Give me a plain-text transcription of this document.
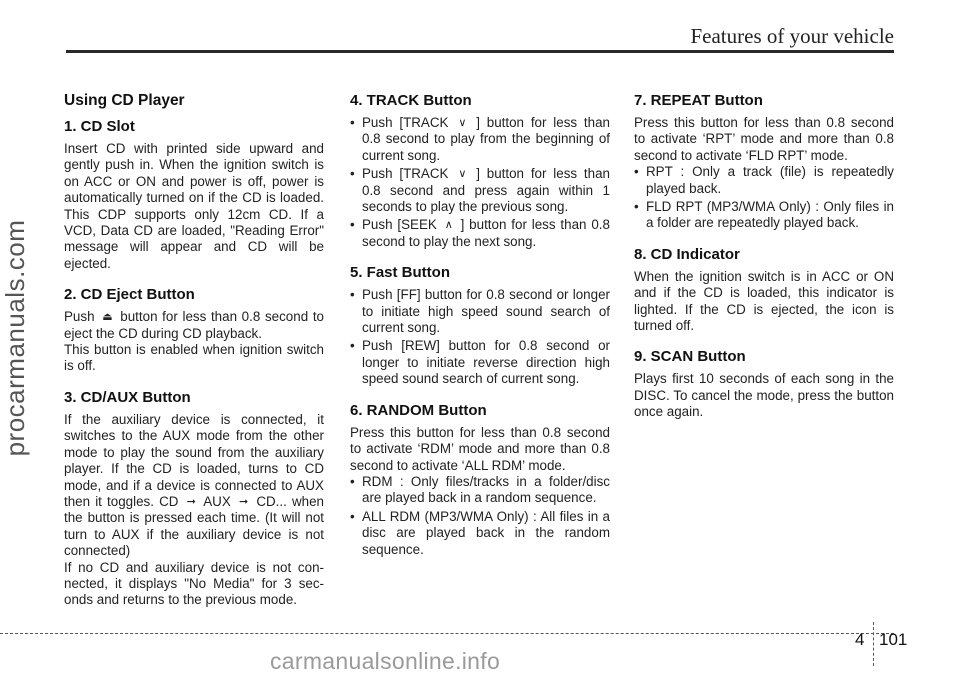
Features of your vehicle
procarmanuals.com
Using CD Player
1. CD Slot

Insert CD with printed side upward and gently push in. When the ignition switch is on ACC or ON and power is off, power is automatically turned on if the CD is loaded. This CDP supports only 12cm CD. If a VCD, Data CD are loaded, "Reading Error" message will appear and CD will be ejected.

2. CD Eject Button

Push ⏏ button for less than 0.8 second to eject the CD during CD playback.

This button is enabled when ignition switch is off.

3. CD/AUX Button

If the auxiliary device is connected, it switches to the AUX mode from the other mode to play the sound from the auxiliary player. If the CD is loaded, turns to CD mode, and if a device is connected to AUX then it toggles. CD ➞ AUX ➞ CD... when the button is pressed each time. (It will not turn to AUX if the auxiliary device is not connected)

If no CD and auxiliary device is not con- nected, it displays "No Media" for 3 sec- onds and returns to the previous mode.

4. TRACK Button
• Push [TRACK ∨ ] button for less than 0.8 second to play from the beginning of current song.
• Push [TRACK ∨ ] button for less than 0.8 second and press again within 1 seconds to play the previous song.
• Push [SEEK ∧ ] button for less than 0.8 second to play the next song.
5. Fast Button
• Push [FF] button for 0.8 second or longer to initiate high speed sound search of current song.
• Push [REW] button for 0.8 second or longer to initiate reverse direction high speed sound search of current song.
6. RANDOM Button

Press this button for less than 0.8 second to activate ‘RDM’ mode and more than 0.8 second to activate ‘ALL RDM’ mode.

• RDM : Only files/tracks in a folder/disc are played back in a random sequence.
• ALL RDM (MP3/WMA Only) : All files in a disc are played back in the random sequence.
7. REPEAT Button

Press this button for less than 0.8 second to activate ‘RPT’ mode and more than 0.8 second to activate ‘FLD RPT’ mode.

• RPT : Only a track (file) is repeatedly played back.
• FLD RPT (MP3/WMA Only) : Only files in a folder are repeatedly played back.
8. CD Indicator

When the ignition switch is in ACC or ON and if the CD is loaded, this indicator is lighted. If the CD is ejected, the icon is turned off.

9. SCAN Button

Plays first 10 seconds of each song in the DISC. To cancel the mode, press the button once again.

4 101
carmanualsonline.info
